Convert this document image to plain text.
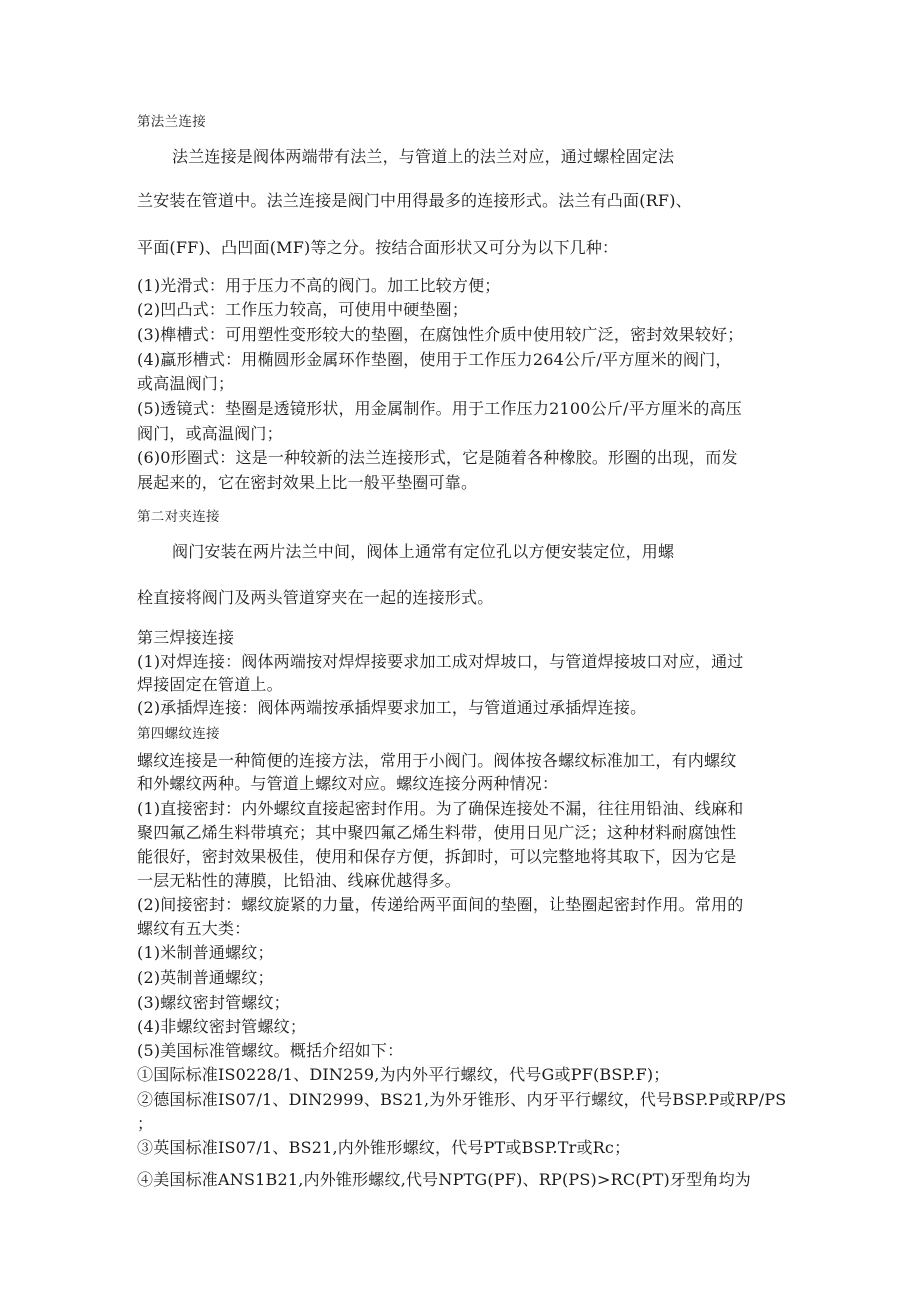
第法兰连接
法兰连接是阀体两端带有法兰，与管道上的法兰对应，通过螺栓固定法
兰安装在管道中。法兰连接是阀门中用得最多的连接形式。法兰有凸面(RF)、
平面(FF)、凸凹面(MF)等之分。按结合面形状又可分为以下几种：
(1)光滑式：用于压力不高的阀门。加工比较方便；
(2)凹凸式：工作压力较高，可使用中硬垫圈；
(3)榫槽式：可用塑性变形较大的垫圈，在腐蚀性介质中使用较广泛，密封效果较好；
(4)蠃形槽式：用椭圆形金属环作垫圈，使用于工作压力264公斤/平方厘米的阀门，
或高温阀门；
(5)透镜式：垫圈是透镜形状，用金属制作。用于工作压力2100公斤/平方厘米的高压
阀门，或高温阀门；
(6)0形圈式：这是一种较新的法兰连接形式，它是随着各种橡胶。形圈的出现，而发
展起来的，它在密封效果上比一般平垫圈可靠。
第二对夹连接
阀门安装在两片法兰中间，阀体上通常有定位孔以方便安装定位，用螺
栓直接将阀门及两头管道穿夹在一起的连接形式。
第三焊接连接
(1)对焊连接：阀体两端按对焊焊接要求加工成对焊坡口，与管道焊接坡口对应，通过
焊接固定在管道上。
(2)承插焊连接：阀体两端按承插焊要求加工，与管道通过承插焊连接。
第四螺纹连接
螺纹连接是一种简便的连接方法，常用于小阀门。阀体按各螺纹标准加工，有内螺纹
和外螺纹两种。与管道上螺纹对应。螺纹连接分两种情况：
(1)直接密封：内外螺纹直接起密封作用。为了确保连接处不漏，往往用铅油、线麻和
聚四氟乙烯生料带填充；其中聚四氟乙烯生料带，使用日见广泛；这种材料耐腐蚀性
能很好，密封效果极佳，使用和保存方便，拆卸时，可以完整地将其取下，因为它是
一层无粘性的薄膜，比铅油、线麻优越得多。
(2)间接密封：螺纹旋紧的力量，传递给两平面间的垫圈，让垫圈起密封作用。常用的
螺纹有五大类：
(1)米制普通螺纹；
(2)英制普通螺纹；
(3)螺纹密封管螺纹；
(4)非螺纹密封管螺纹；
(5)美国标准管螺纹。概括介绍如下：
①国际标准IS0228/1、DIN259,为内外平行螺纹，代号G或PF(BSP.F)；
②德国标准IS07/1、DIN2999、BS21,为外牙锥形、内牙平行螺纹，代号BSP.P或RP/PS
；
③英国标准IS07/1、BS21,内外锥形螺纹，代号PT或BSP.Tr或Rc；
④美国标准ANS1B21,内外锥形螺纹,代号NPTG(PF)、RP(PS)>RC(PT)牙型角均为
